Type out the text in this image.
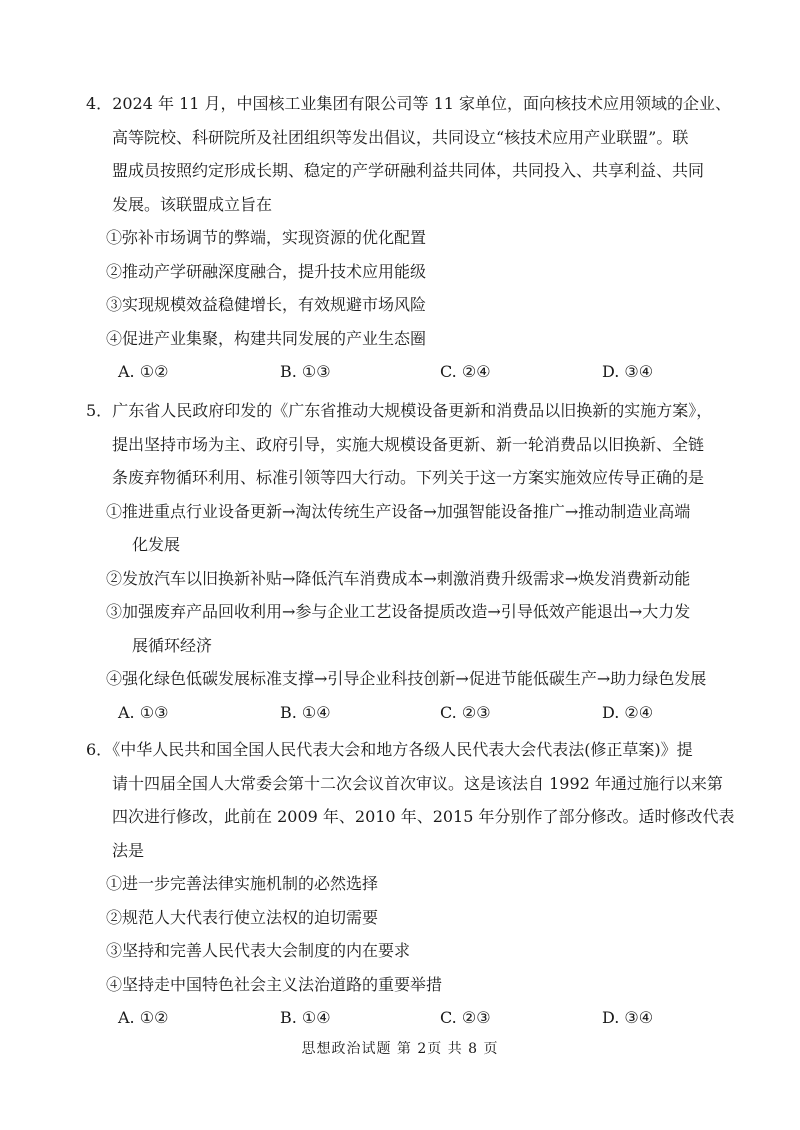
4．2024 年 11 月，中国核工业集团有限公司等 11 家单位，面向核技术应用领域的企业、
高等院校、科研院所及社团组织等发出倡议，共同设立“核技术应用产业联盟”。联
盟成员按照约定形成长期、稳定的产学研融利益共同体，共同投入、共享利益、共同
发展。该联盟成立旨在
①弥补市场调节的弊端，实现资源的优化配置
②推动产学研融深度融合，提升技术应用能级
③实现规模效益稳健增长，有效规避市场风险
④促进产业集聚，构建共同发展的产业生态圈
A. ①②	B. ①③	C. ②④	D. ③④
5．广东省人民政府印发的《广东省推动大规模设备更新和消费品以旧换新的实施方案》，
提出坚持市场为主、政府引导，实施大规模设备更新、新一轮消费品以旧换新、全链
条废弃物循环利用、标准引领等四大行动。下列关于这一方案实施效应传导正确的是
①推进重点行业设备更新→淘汰传统生产设备→加强智能设备推广→推动制造业高端
化发展
②发放汽车以旧换新补贴→降低汽车消费成本→刺激消费升级需求→焕发消费新动能
③加强废弃产品回收利用→参与企业工艺设备提质改造→引导低效产能退出→大力发
展循环经济
④强化绿色低碳发展标准支撑→引导企业科技创新→促进节能低碳生产→助力绿色发展
A. ①③	B. ①④	C. ②③	D. ②④
6．《中华人民共和国全国人民代表大会和地方各级人民代表大会代表法(修正草案)》提
请十四届全国人大常委会第十二次会议首次审议。这是该法自 1992 年通过施行以来第
四次进行修改，此前在 2009 年、2010 年、2015 年分别作了部分修改。适时修改代表
法是
①进一步完善法律实施机制的必然选择
②规范人大代表行使立法权的迫切需要
③坚持和完善人民代表大会制度的内在要求
④坚持走中国特色社会主义法治道路的重要举措
A. ①②	B. ①④	C. ②③	D. ③④
思想政治试题 第 2页 共 8 页
